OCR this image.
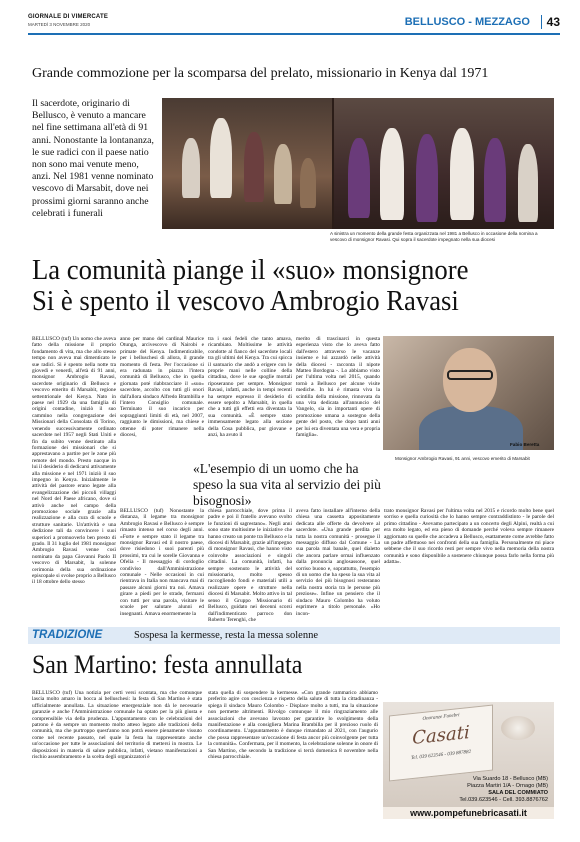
GIORNALE DI VIMERCATE
MARTEDÌ 3 NOVEMBRE 2020	BELLUSCO - MEZZAGO	43
Grande commozione per la scomparsa del prelato, missionario in Kenya dal 1971
Il sacerdote, originario di Bellusco, è venuto a mancare nel fine settimana all'età di 91 anni. Nonostante la lontananza, le sue radici con il paese natio non sono mai venute meno, anzi. Nel 1981 venne nominato vescovo di Marsabit, dove nei prossimi giorni saranno anche celebrati i funerali
A sinistra un momento della grande festa organizzata nel 1981 a Bellusco in occasione della nomina a vescovo di monsignor Ravasi. Qui sopra il sacerdote impegnato nella sua diocesi
La comunità piange il «suo» monsignore
Si è spento il vescovo Ambrogio Ravasi
BELLUSCO (tuf) Un uomo che aveva fatto della missione il proprio fondamento di vita, ma che allo stesso tempo non aveva mai dimenticato le sue radici. Si è spento nella notte tra giovedì e venerdì, all'età di 91 anni, monsignor Ambrogio Ravasi, sacerdote originario di Bellusco e vescovo emerito di Marsabit, regione settentrionale del Kenya. Nato in paese nel 1929 da una famiglia di origini contadine, iniziò il suo cammino nella congregazione dei Missionari della Consolata di Torino, venendo successivamente ordinato sacerdote nel 1957 negli Stati Uniti e fin da subito venne destinato alla formazione dei missionari che si apprestavano a partire per le zone più remote del mondo. Presto nacque in lui il desiderio di dedicarsi attivamente alla missione e nel 1971 iniziò il suo impegno in Kenya. Inizialmente le attività del pastore erano legate alla evangelizzazione dei piccoli villaggi nel Nord del Paese africano, dove si attivò anche nel campo della promozione sociale grazie alla realizzazione e alla cura di scuole e strutture sanitarie. Un'attività e una dedizione tali da convincere i suoi superiori a promuoverlo ben presto di grado. Il 31 luglio del 1981 monsignor Ambrogio Ravasi venne così nominato da papa Giovanni Paolo II vescovo di Marsabit, la solenne cerimonia della sua ordinazione episcopale si svolse proprio a Bellusco il 18 ottobre dello stesso
anno per mano del cardinal Maurice Otunga, arcivescovo di Nairobi e primate del Kenya. Indimenticabile, per i belluschesi di allora, il grande momento di festa. Per l'occasione si era radunata in piazza l'intera comunità di Bellusco, che in quella giornata poté riabbracciare il «suo» sacerdote, accolto con tutti gli onori dall'allora sindaco Alfredo Brambilla e l'intero Consiglio comunale. Terminato il suo incarico per sopraggiunti limiti di età, nel 2007, raggiunto le dimissioni, ma chiese e ottenne di poter rimanere nella diocesi,
tra i suoi fedeli che tanto amava, ricambiato. Moltissime le attività condotte al fianco del sacerdote locali tra gli ultimi del Kenya. Tra cui spicca il santuario che andò a erigere con le proprie mani nelle colline della cittadina, dove le sue spoglie mortali riposeranno per sempre. Monsignor Ravasi, infatti, anche in tempi recenti ha sempre espresso il desiderio di essere sepolto a Marsabit, in quella che a tutti gli effetti era diventata la sua comunità. «È sempre stato immensamente legato alla sezione della Cosa pubblica, pur giovane e anzi, ha avuto il
merito di trascinarci in questa esperienza visto che lo aveva fatto dall'estero attraverso le vacanze insieme e lui azzardò nelle attività della diocesi - racconta il nipote Matteo Bordogna -. Lo abbiamo visto per l'ultima volta nel 2015, quando tornò a Bellusco per alcune visite mediche. In lui è rimasta viva la scintilla della missione, rinnovata da una vita dedicata all'annuncio del Vangelo, sia in importanti opere di promozione umana a sostegno della gente del posto, che dopo tanti anni per lui era diventata una vera e propria famiglia».
Fabio Beretta
Monsignor Ambrogio Ravasi, 91 anni, vescovo emerito di Marsabit
«L'esempio di un uomo che ha speso la sua vita al servizio dei più bisognosi»
BELLUSCO (tuf) Nonostante la distanza, il legame tra monsignor Ambrogio Ravasi e Bellusco è sempre rimasto intenso nel corso degli anni. «Forte e sempre stato il legame tra monsignor Ravasi ed il nostro paese, dove risiedono i suoi parenti più prossimi, tra cui le sorelle Giovanna e Ofelia - Il messaggio di cordoglio condiviso dall'Amministrazione comunale - Nelle occasioni in cui rientrava in Italia non mancava mai di passare alcuni giorni tra noi. Amava girare a piedi per le strade, fermarsi con tutti per una parola, visitare le scuole per salutare alunni ed insegnanti. Amava enormemente la
chiesa parrocchiale, dove prima il padre e poi il fratello avevano svolto le funzioni di sagrestano». Negli anni sono state moltissime le iniziative che hanno creato un ponte tra Bellusco e la diocesi di Marsabit, grazie all'impegno di monsignor Ravasi, che hanno visto coinvolte associazioni e singoli cittadini. La comunità, infatti, ha sempre sostenuto le attività del missionario, molto spesso raccogliendo fondi e materiali utili a realizzare opere e strutture nella diocesi di Marsabit. Molto attivo in tal senso il Gruppo Missionario di Bellusco, guidato nei decenni scorsi dall'indimenticato parroco don Roberto Terenghi, che
aveva fatto installare all'interno della chiesa una cassetta appositamente dedicata alle offerte da devolvere al sacerdote. «Una grande perdita per tutta la nostra comunità - prosegue il messaggio diffuso dal Comune - La sua parola mai banale, quel dialetto che ancora parlare ormai influenzato dalla pronuncia anglosassone, quel sorriso buono e, soprattutto, l'esempio di un uomo che ha speso la sua vita al servizio dei più bisognosi resteranno nella nostra storia tra le persone più preziose». Infine un pensiero che il sindaco Mauro Colombo ha voluto esprimere a titolo personale. «Ho incon-
trato monsignor Ravasi per l'ultima volta nel 2015 e ricordo molto bene quel sorriso e quella curiosità che lo hanno sempre contraddistinto - le parole del primo cittadino - Avevamo partecipato a un concerto degli Alpini, realtà a cui era molto legato, ed era pieno di domande perché voleva sempre rimanere aggiornato su quelle che accadeva a Bellusco, esattamente come avrebbe fatto un padre affettuoso nei confronti della sua famiglia. Personalmente mi piace sebbene che il suo ricordo resti per sempre vivo nella memoria della nostra comunità e sono disponibile a sostenere chiunque possa farlo nella forma più adatta».
TRADIZIONE	Sospesa la kermesse, resta la messa solenne
San Martino: festa annullata
BELLUSCO (tuf) Una notizia per certi versi scontata, ma che comunque lascia molto amaro in bocca ai belluschesi: la festa di San Martino è stata ufficialmente annullata. La situazione emergenziale non dà le necessarie garanzie e anche l'Amministrazione comunale ha optato per la più giusta e comprensibile via della prudenza. L'appuntamento con le celebrazioni del patrono è da sempre un momento molto atteso legato alle tradizioni della comunità, ma che purtroppo quest'anno non potrà essere pienamente vissuto come nel recente passato, nel quale la festa ha rappresentato anche un'occasione per tutte le associazioni del territorio di mettersi in mostra. Le disposizioni in materia di salute pubblica, infatti, vietano manifestazioni a rischio assembramento e la scelta degli organizzatori è
stata quella di sospendere la kermesse. «Con grande rammarico abbiamo preferito agire con coscienza e rispetto della salute di tutta la cittadinanza - spiega il sindaco Mauro Colombo - Displace molto a tutti, ma la situazione non permette altrimenti. Rivolgo comunque il mio ringraziamento alle associazioni che avevano lavorato per garantire lo svolgimento della manifestazione e alla consigliera Marina Brambilla per il prezioso ruolo di coordinamento. L'appuntamento è dunque rimandato al 2021, con l'augurio che possa rappresentare un'occasione di festa ancor più coinvolgente per tutta la comunità». Confermata, per il momento, la celebrazione solenne in onore di San Martino, che secondo la tradizione si terrà domenica 8 novembre nella chiesa parrocchiale.
Onoranze Funebri
Casati
Tel. 039 623546 - 039 887882
Via Suardo 18 - Bellusco (MB)
Piazza Martiri 1/A - Ornago (MB)
SALA DEL COMMIATO
Tel.039.623546 - Cell. 393.8876762
www.pompefunebricasati.it
